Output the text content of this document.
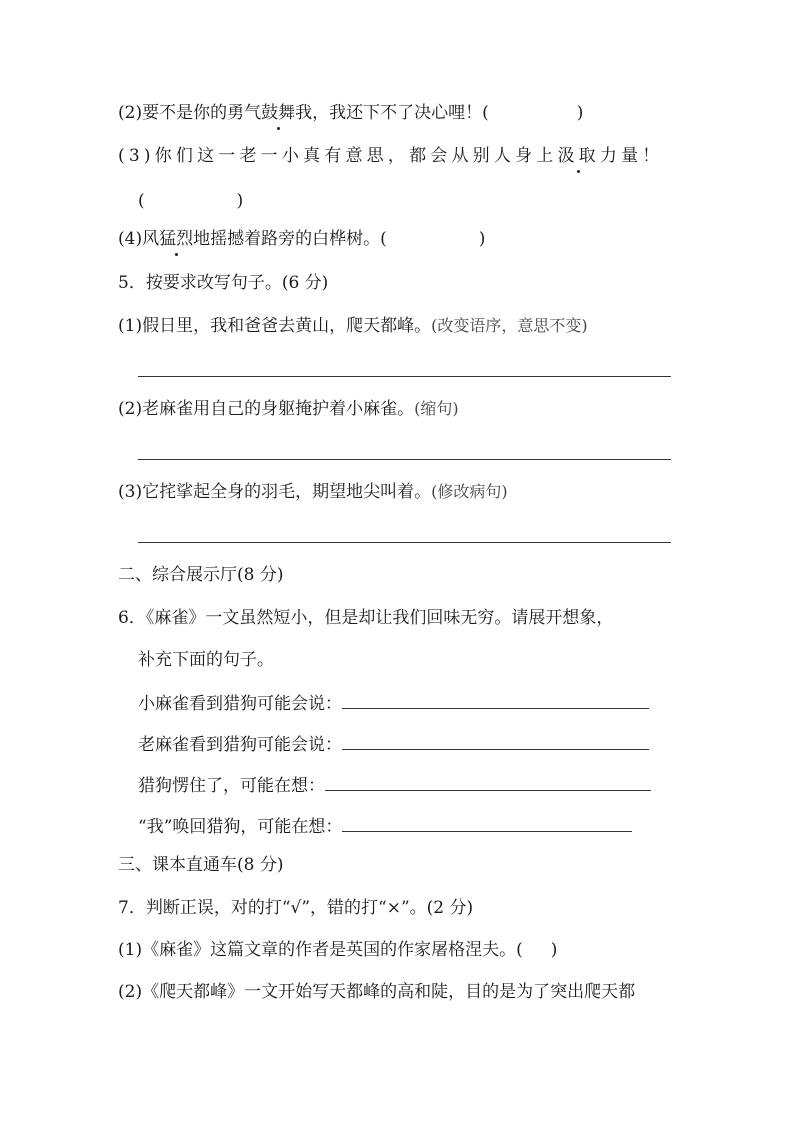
(2)要不是你的勇气鼓舞我，我还下不了决心哩！(	)
(3)你们这一老一小真有意思，都会从别人身上汲取力量！
(	)
(4)风猛烈地摇撼着路旁的白桦树。(	)
5．按要求改写句子。(6 分)
(1)假日里，我和爸爸去黄山，爬天都峰。(改变语序，意思不变)
(2)老麻雀用自己的身躯掩护着小麻雀。(缩句)
(3)它挓挲起全身的羽毛，期望地尖叫着。(修改病句)
二、综合展示厅(8 分)
6．《麻雀》一文虽然短小，但是却让我们回味无穷。请展开想象，
补充下面的句子。
小麻雀看到猎狗可能会说：
老麻雀看到猎狗可能会说：
猎狗愣住了，可能在想：
“我”唤回猎狗，可能在想：
三、课本直通车(8 分)
7．判断正误，对的打“√”，错的打“×”。(2 分)
(1)《麻雀》这篇文章的作者是英国的作家屠格涅夫。( )
(2)《爬天都峰》一文开始写天都峰的高和陡，目的是为了突出爬天都
